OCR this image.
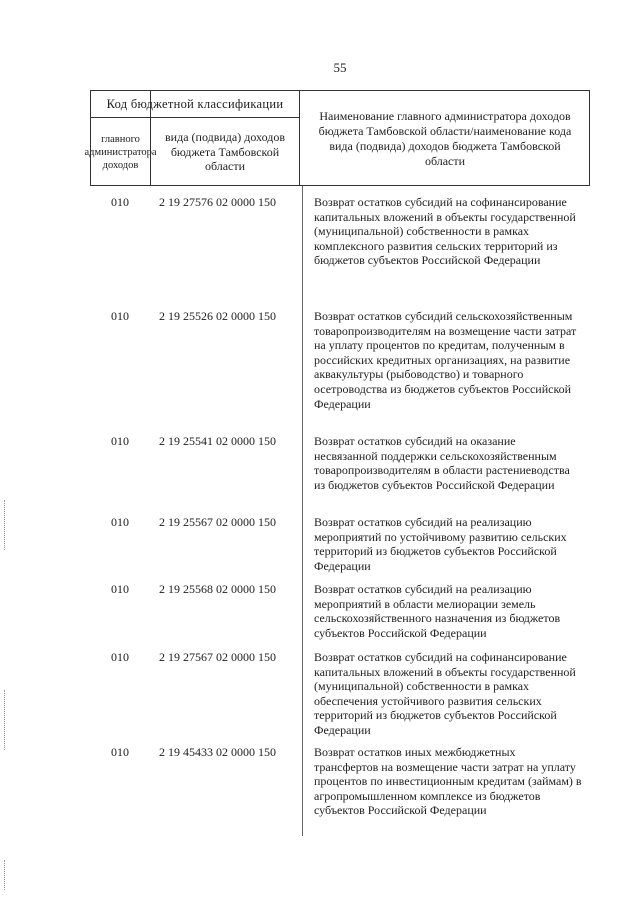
55
Код бюджетной классификации
главного администратора доходов
вида (подвида) доходов бюджета Тамбовской области
Наименование главного администратора доходов бюджета Тамбовской области/наименование кода вида (подвида) доходов бюджета Тамбовской области
010	2 19 27576 02 0000 150	Возврат остатков субсидий на софинансирование капитальных вложений в объекты государственной (муниципальной) собственности в рамках комплексного развития сельских территорий из бюджетов субъектов Российской Федерации
010	2 19 25526 02 0000 150	Возврат остатков субсидий сельскохозяйственным товаропроизводителям на возмещение части затрат на уплату процентов по кредитам, полученным в российских кредитных организациях, на развитие аквакультуры (рыбоводство) и товарного осетроводства из бюджетов субъектов Российской Федерации
010	2 19 25541 02 0000 150	Возврат остатков субсидий на оказание несвязанной поддержки сельскохозяйственным товаропроизводителям в области растениеводства из бюджетов субъектов Российской Федерации
010	2 19 25567 02 0000 150	Возврат остатков субсидий на реализацию мероприятий по устойчивому развитию сельских территорий из бюджетов субъектов Российской Федерации
010	2 19 25568 02 0000 150	Возврат остатков субсидий на реализацию мероприятий в области мелиорации земель сельскохозяйственного назначения из бюджетов субъектов Российской Федерации
010	2 19 27567 02 0000 150	Возврат остатков субсидий на софинансирование капитальных вложений в объекты государственной (муниципальной) собственности в рамках обеспечения устойчивого развития сельских территорий из бюджетов субъектов Российской Федерации
010	2 19 45433 02 0000 150	Возврат остатков иных межбюджетных трансфертов на возмещение части затрат на уплату процентов по инвестиционным кредитам (займам) в агропромышленном комплексе из бюджетов субъектов Российской Федерации
